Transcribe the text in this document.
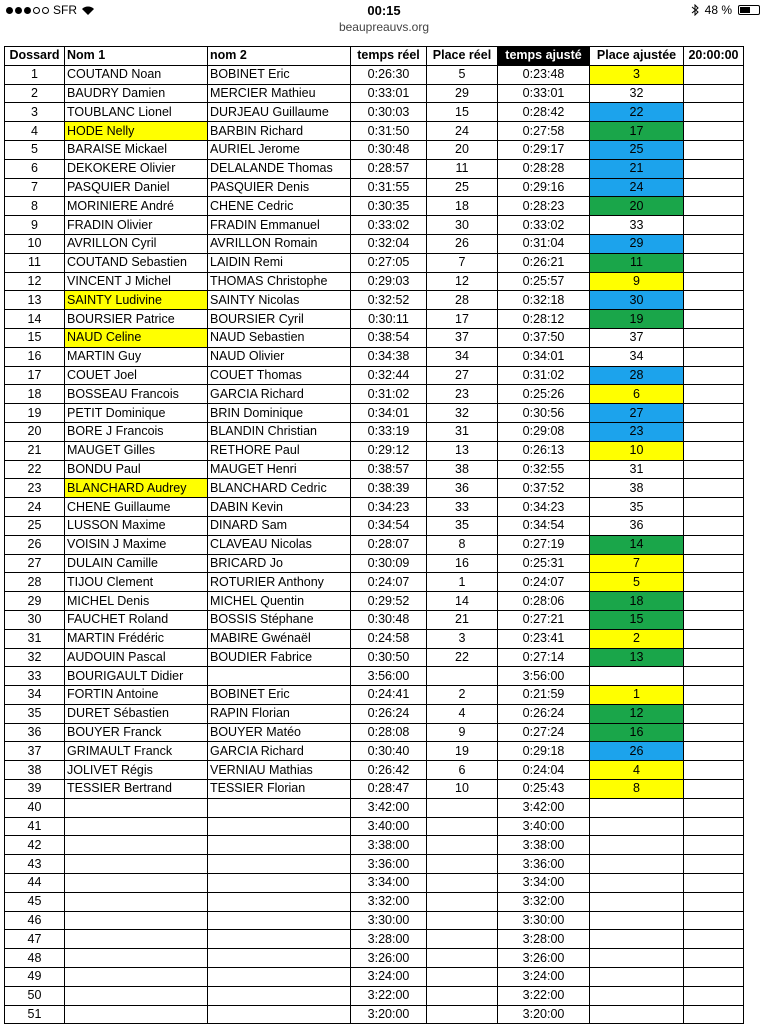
SFR	00:15	48 %
beaupreauvs.org
Dossard	Nom 1	nom 2	temps réel	Place réel	temps ajusté	Place ajustée	20:00:00
1	COUTAND Noan	BOBINET Eric	0:26:30	5	0:23:48	3	
2	BAUDRY Damien	MERCIER Mathieu	0:33:01	29	0:33:01	32	
3	TOUBLANC Lionel	DURJEAU Guillaume	0:30:03	15	0:28:42	22	
4	HODE Nelly	BARBIN Richard	0:31:50	24	0:27:58	17	
5	BARAISE Mickael	AURIEL Jerome	0:30:48	20	0:29:17	25	
6	DEKOKERE Olivier	DELALANDE Thomas	0:28:57	11	0:28:28	21	
7	PASQUIER Daniel	PASQUIER Denis	0:31:55	25	0:29:16	24	
8	MORINIERE André	CHENE Cedric	0:30:35	18	0:28:23	20	
9	FRADIN Olivier	FRADIN Emmanuel	0:33:02	30	0:33:02	33	
10	AVRILLON Cyril	AVRILLON Romain	0:32:04	26	0:31:04	29	
11	COUTAND Sebastien	LAIDIN Remi	0:27:05	7	0:26:21	11	
12	VINCENT J Michel	THOMAS Christophe	0:29:03	12	0:25:57	9	
13	SAINTY Ludivine	SAINTY Nicolas	0:32:52	28	0:32:18	30	
14	BOURSIER Patrice	BOURSIER Cyril	0:30:11	17	0:28:12	19	
15	NAUD Celine	NAUD Sebastien	0:38:54	37	0:37:50	37	
16	MARTIN Guy	NAUD Olivier	0:34:38	34	0:34:01	34	
17	COUET Joel	COUET Thomas	0:32:44	27	0:31:02	28	
18	BOSSEAU Francois	GARCIA Richard	0:31:02	23	0:25:26	6	
19	PETIT Dominique	BRIN Dominique	0:34:01	32	0:30:56	27	
20	BORE J Francois	BLANDIN Christian	0:33:19	31	0:29:08	23	
21	MAUGET Gilles	RETHORE Paul	0:29:12	13	0:26:13	10	
22	BONDU Paul	MAUGET Henri	0:38:57	38	0:32:55	31	
23	BLANCHARD Audrey	BLANCHARD Cedric	0:38:39	36	0:37:52	38	
24	CHENE Guillaume	DABIN Kevin	0:34:23	33	0:34:23	35	
25	LUSSON Maxime	DINARD Sam	0:34:54	35	0:34:54	36	
26	VOISIN J Maxime	CLAVEAU Nicolas	0:28:07	8	0:27:19	14	
27	DULAIN Camille	BRICARD Jo	0:30:09	16	0:25:31	7	
28	TIJOU Clement	ROTURIER Anthony	0:24:07	1	0:24:07	5	
29	MICHEL Denis	MICHEL Quentin	0:29:52	14	0:28:06	18	
30	FAUCHET Roland	BOSSIS Stéphane	0:30:48	21	0:27:21	15	
31	MARTIN Frédéric	MABIRE Gwénaël	0:24:58	3	0:23:41	2	
32	AUDOUIN Pascal	BOUDIER Fabrice	0:30:50	22	0:27:14	13	
33	BOURIGAULT Didier		3:56:00		3:56:00		
34	FORTIN Antoine	BOBINET Eric	0:24:41	2	0:21:59	1	
35	DURET Sébastien	RAPIN Florian	0:26:24	4	0:26:24	12	
36	BOUYER Franck	BOUYER Matéo	0:28:08	9	0:27:24	16	
37	GRIMAULT Franck	GARCIA Richard	0:30:40	19	0:29:18	26	
38	JOLIVET Régis	VERNIAU Mathias	0:26:42	6	0:24:04	4	
39	TESSIER Bertrand	TESSIER Florian	0:28:47	10	0:25:43	8	
40			3:42:00		3:42:00		
41			3:40:00		3:40:00		
42			3:38:00		3:38:00		
43			3:36:00		3:36:00		
44			3:34:00		3:34:00		
45			3:32:00		3:32:00		
46			3:30:00		3:30:00		
47			3:28:00		3:28:00		
48			3:26:00		3:26:00		
49			3:24:00		3:24:00		
50			3:22:00		3:22:00		
51			3:20:00		3:20:00		
